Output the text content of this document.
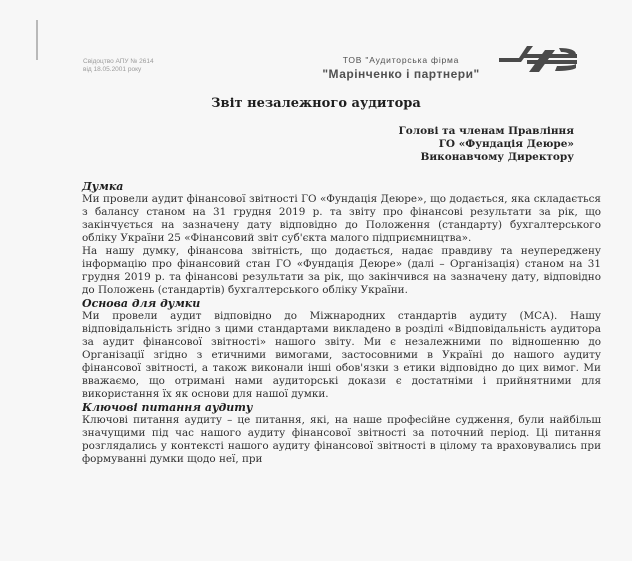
Свідоцтво АПУ № 2614
від 18.05.2001 року
ТОВ "Аудиторська фірма
"Марінченко і партнери"
Звіт незалежного аудитора
Голові та членам Правління
ГО «Фундація Деюре»
Виконавчому Директору
Думка

Ми провели аудит фінансової звітності ГО «Фундація Деюре», що додається, яка складається з балансу станом на 31 грудня 2019 р. та звіту про фінансові результати за рік, що закінчується на зазначену дату відповідно до Положення (стандарту) бухгалтерського обліку України 25 «Фінансовий звіт суб'єкта малого підприємництва».

На нашу думку, фінансова звітність, що додається, надає правдиву та неупереджену інформацію про фінансовий стан ГО «Фундація Деюре» (далі – Організація) станом на 31 грудня 2019 р. та фінансові результати за рік, що закінчився на зазначену дату, відповідно до Положень (стандартів) бухгалтерського обліку України.

Основа для думки

Ми провели аудит відповідно до Міжнародних стандартів аудиту (МСА). Нашу відповідальність згідно з цими стандартами викладено в розділі «Відповідальність аудитора за аудит фінансової звітності» нашого звіту. Ми є незалежними по відношенню до Організації згідно з етичними вимогами, застосовними в Україні до нашого аудиту фінансової звітності, а також виконали інші обов'язки з етики відповідно до цих вимог. Ми вважаємо, що отримані нами аудиторські докази є достатніми і прийнятними для використання їх як основи для нашої думки.

Ключові питання аудиту

Ключові питання аудиту – це питання, які, на наше професійне судження, були найбільш значущими під час нашого аудиту фінансової звітності за поточний період. Ці питання розглядались у контексті нашого аудиту фінансової звітності в цілому та враховувались при формуванні думки щодо неї, при
